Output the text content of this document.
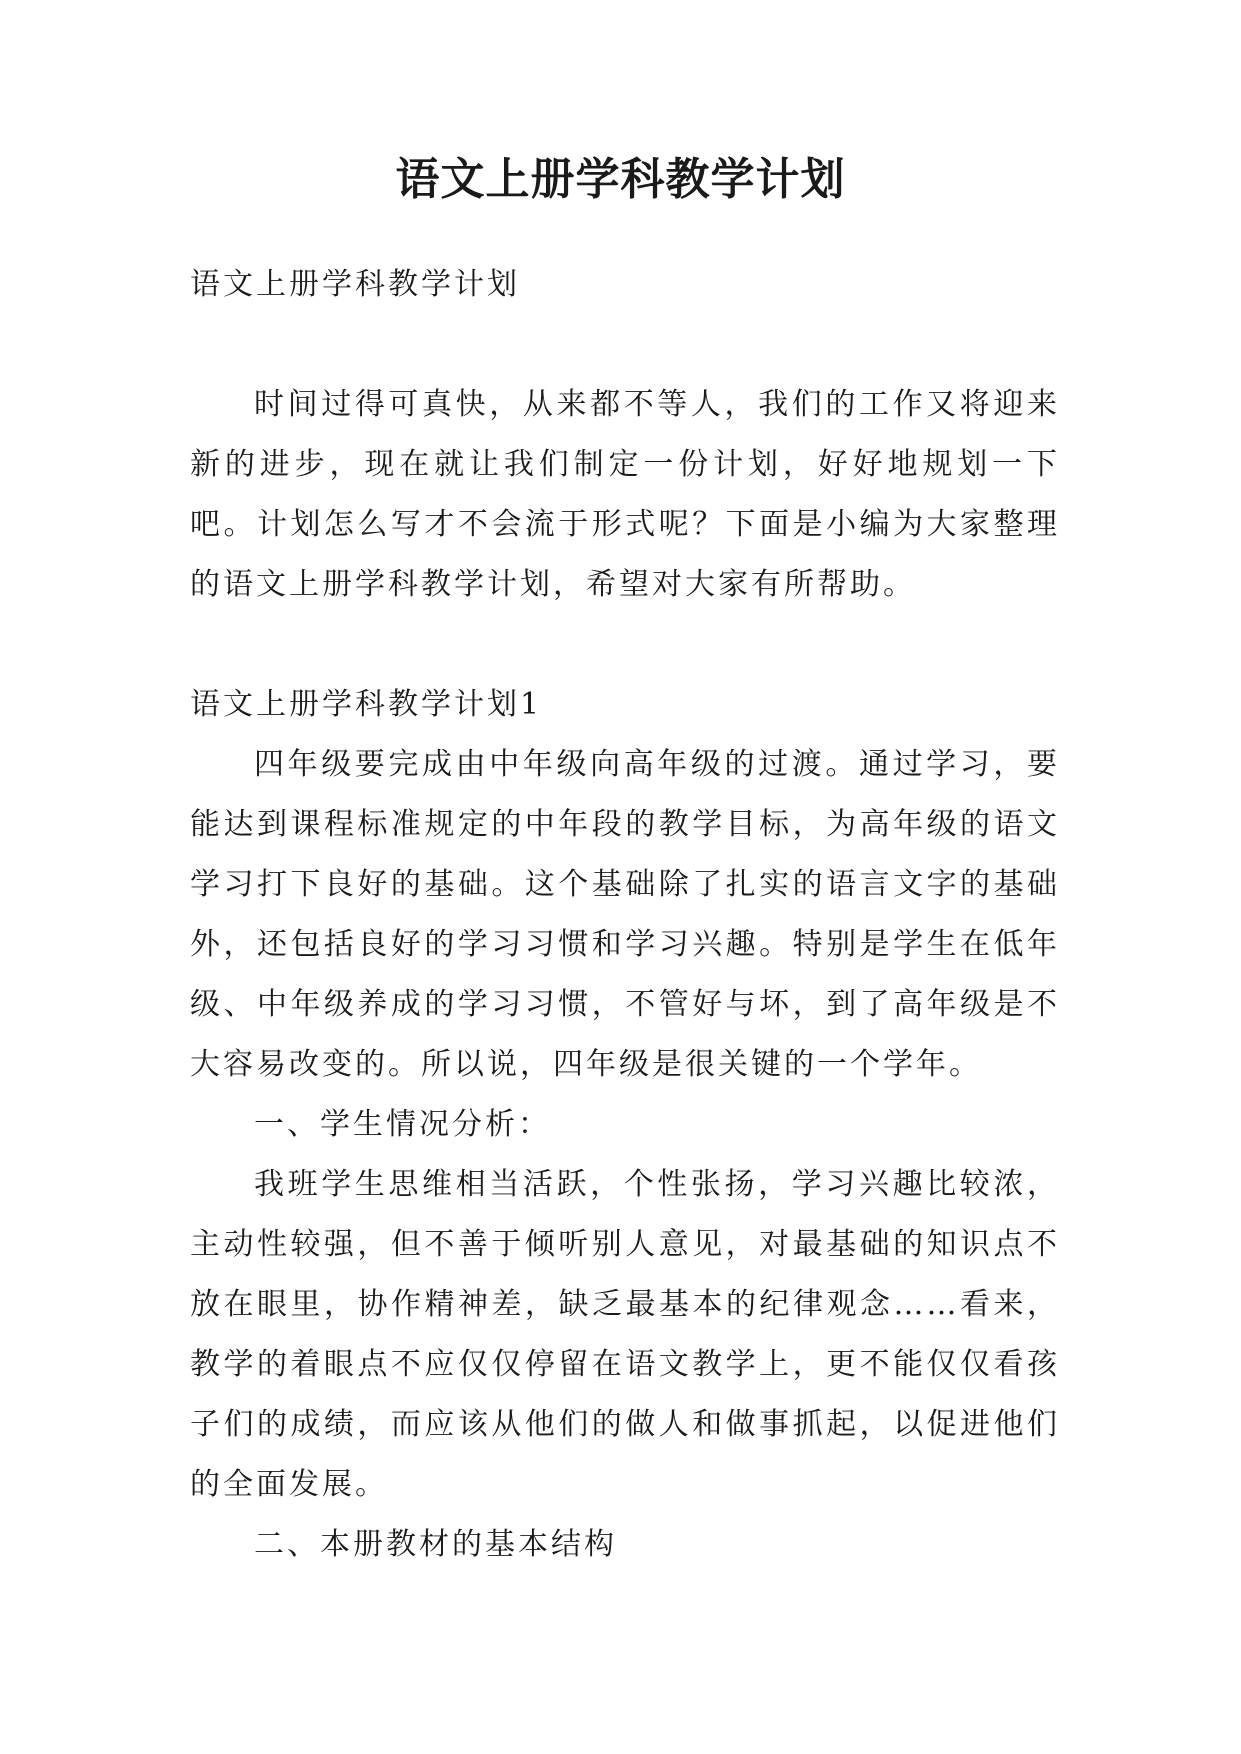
语文上册学科教学计划

语文上册学科教学计划

时间过得可真快，从来都不等人，我们的工作又将迎来新的进步，现在就让我们制定一份计划，好好地规划一下吧。计划怎么写才不会流于形式呢？下面是小编为大家整理的语文上册学科教学计划，希望对大家有所帮助。

语文上册学科教学计划1

四年级要完成由中年级向高年级的过渡。通过学习，要能达到课程标准规定的中年段的教学目标，为高年级的语文学习打下良好的基础。这个基础除了扎实的语言文字的基础外，还包括良好的学习习惯和学习兴趣。特别是学生在低年级、中年级养成的学习习惯，不管好与坏，到了高年级是不大容易改变的。所以说，四年级是很关键的一个学年。

一、学生情况分析：

我班学生思维相当活跃，个性张扬，学习兴趣比较浓，主动性较强，但不善于倾听别人意见，对最基础的知识点不放在眼里，协作精神差，缺乏最基本的纪律观念……看来，教学的着眼点不应仅仅停留在语文教学上，更不能仅仅看孩子们的成绩，而应该从他们的做人和做事抓起，以促进他们的全面发展。

二、本册教材的基本结构
